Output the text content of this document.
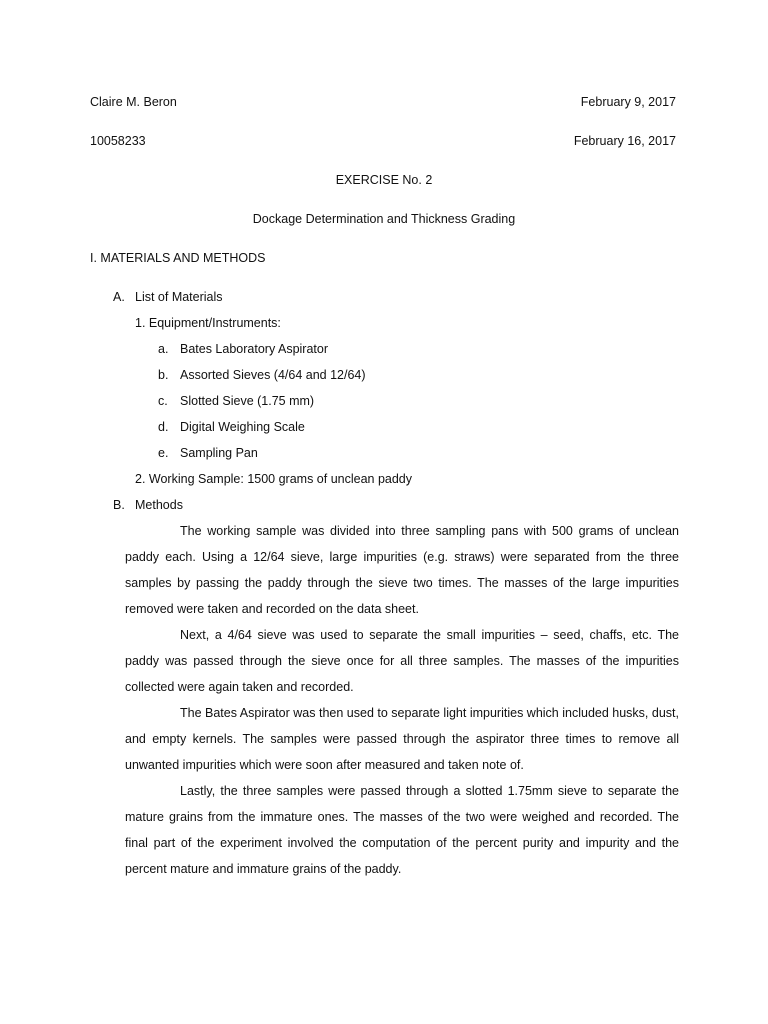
Claire M. Beron	February 9, 2017
10058233	February 16, 2017
EXERCISE No. 2
Dockage Determination and Thickness Grading
I. MATERIALS AND METHODS
A. List of Materials
1. Equipment/Instruments:
a. Bates Laboratory Aspirator
b. Assorted Sieves (4/64 and 12/64)
c. Slotted Sieve (1.75 mm)
d. Digital Weighing Scale
e. Sampling Pan
2. Working Sample: 1500 grams of unclean paddy
B. Methods
The working sample was divided into three sampling pans with 500 grams of unclean paddy each. Using a 12/64 sieve, large impurities (e.g. straws) were separated from the three samples by passing the paddy through the sieve two times. The masses of the large impurities removed were taken and recorded on the data sheet.
Next, a 4/64 sieve was used to separate the small impurities – seed, chaffs, etc. The paddy was passed through the sieve once for all three samples. The masses of the impurities collected were again taken and recorded.
The Bates Aspirator was then used to separate light impurities which included husks, dust, and empty kernels. The samples were passed through the aspirator three times to remove all unwanted impurities which were soon after measured and taken note of.
Lastly, the three samples were passed through a slotted 1.75mm sieve to separate the mature grains from the immature ones. The masses of the two were weighed and recorded. The final part of the experiment involved the computation of the percent purity and impurity and the percent mature and immature grains of the paddy.
